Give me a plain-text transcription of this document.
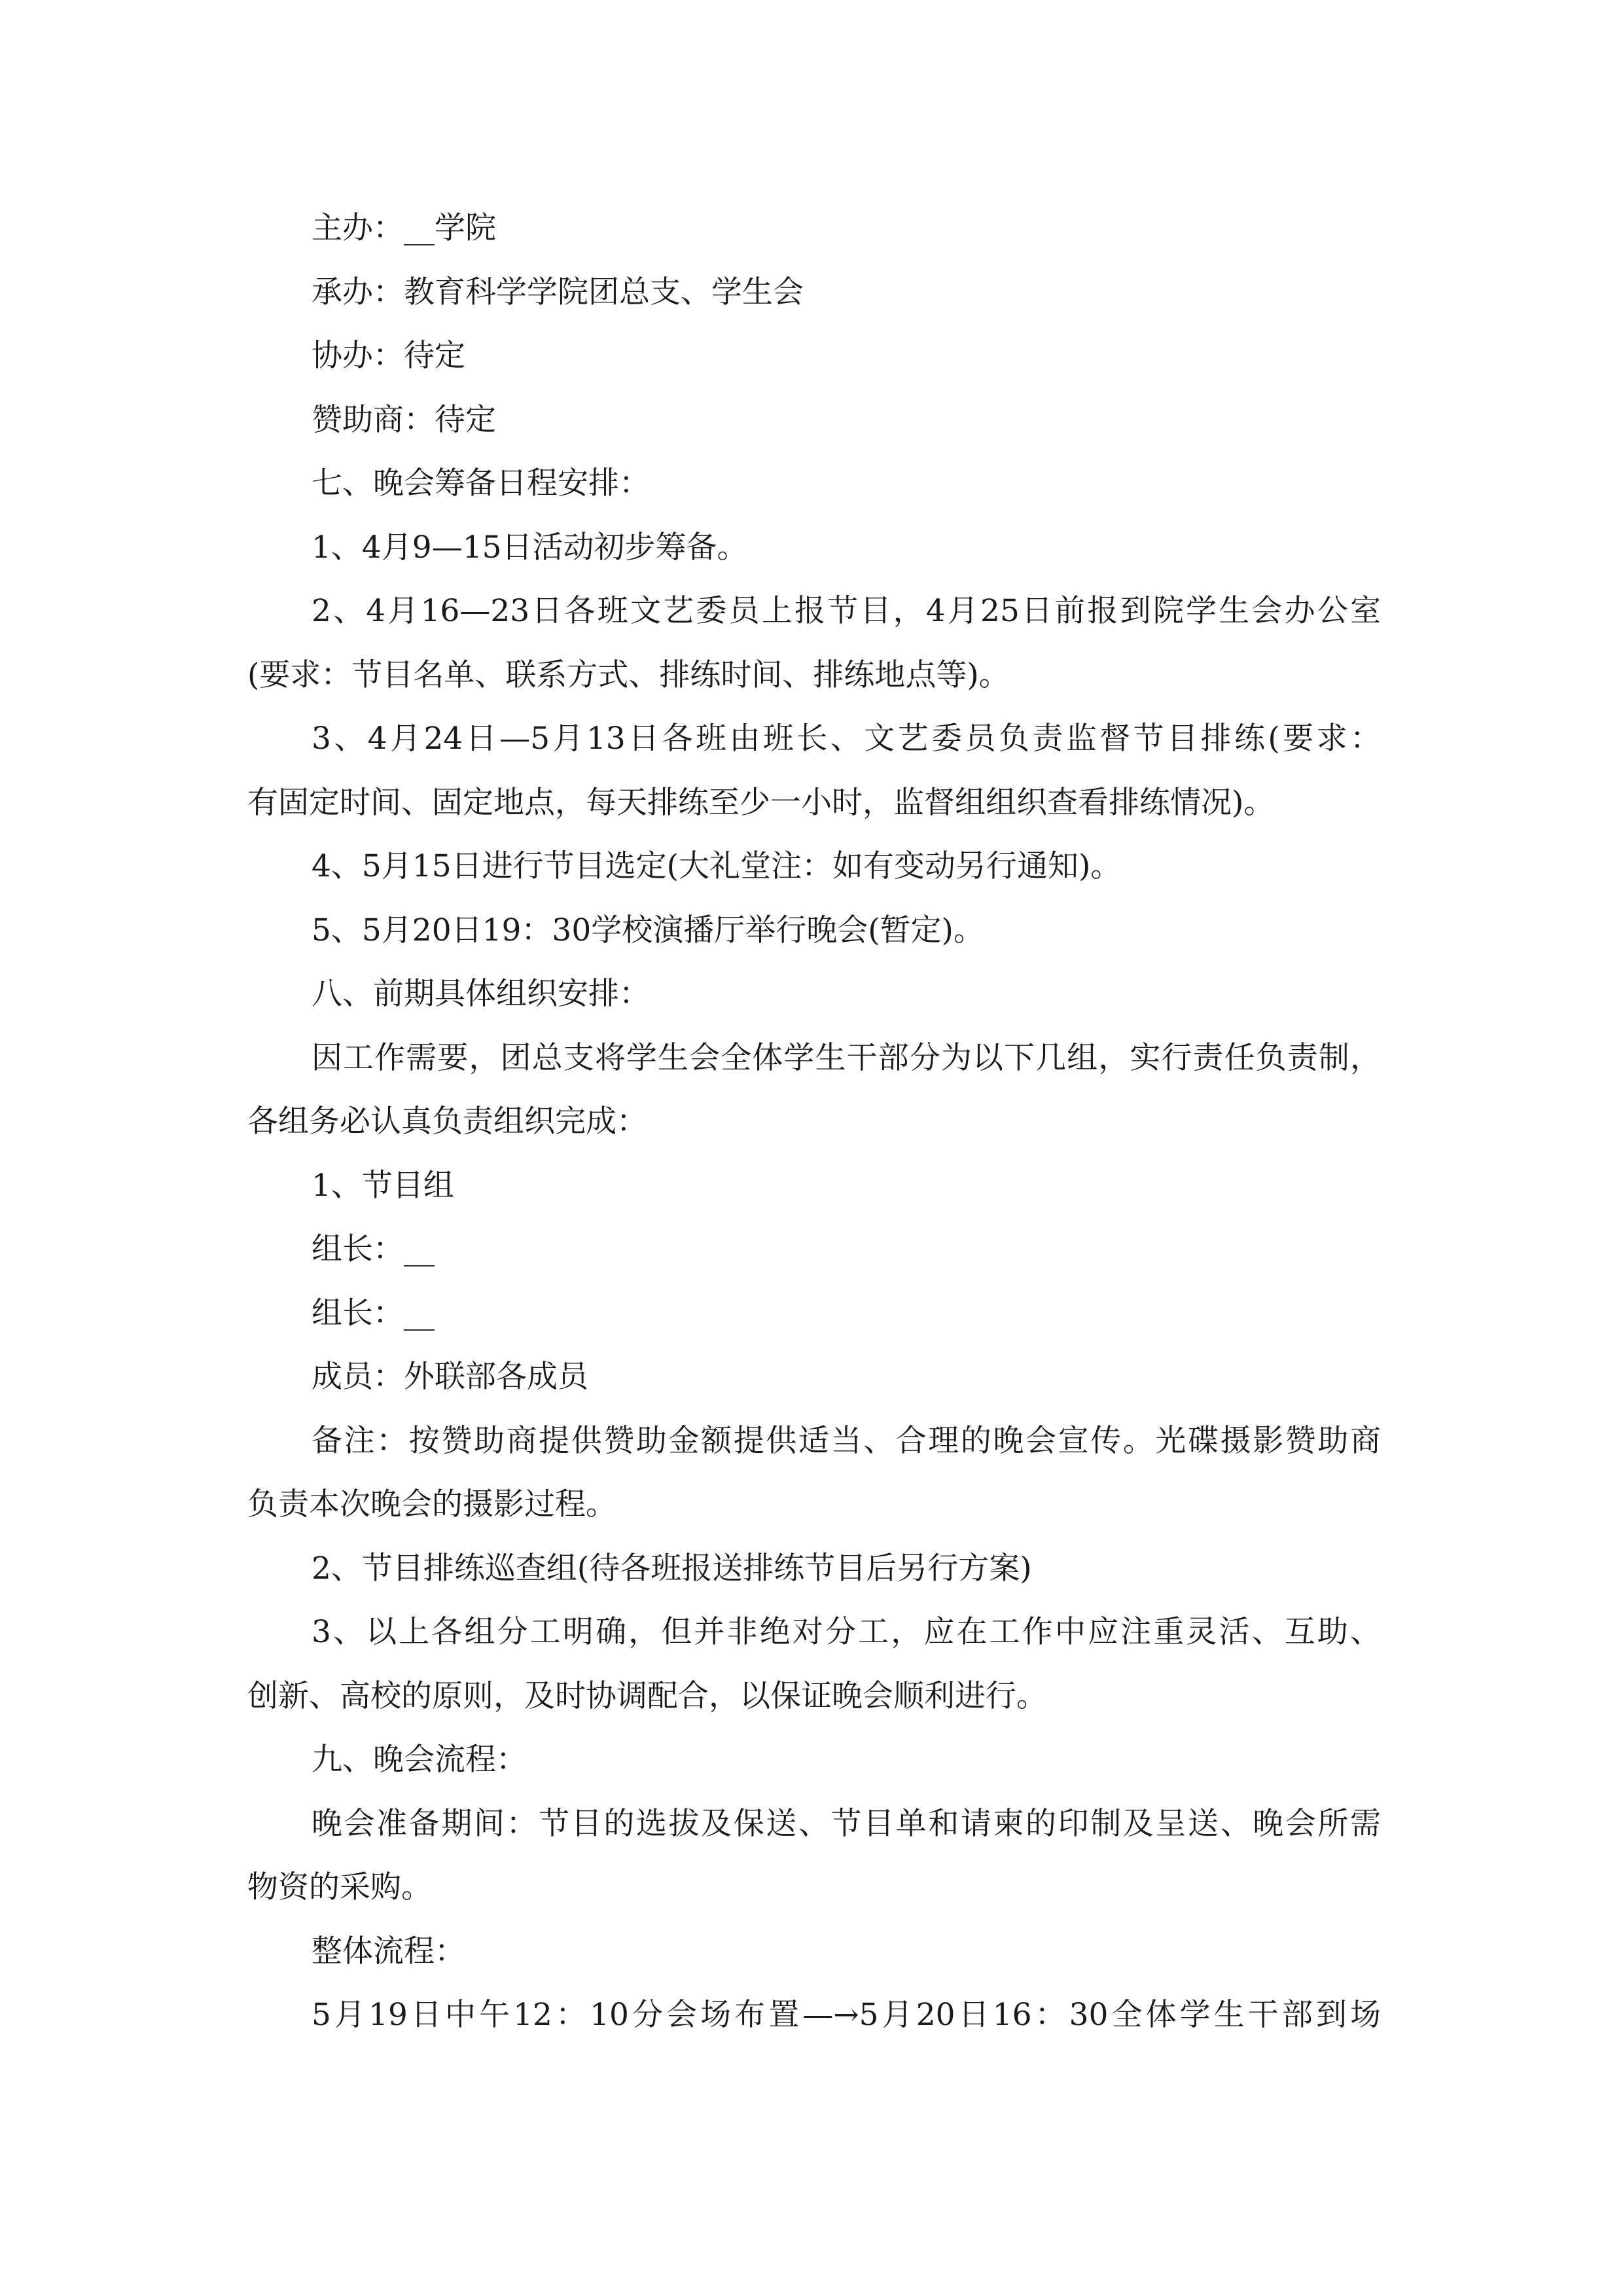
主办：__学院
承办：教育科学学院团总支、学生会
协办：待定
赞助商：待定
七、晚会筹备日程安排：
1、4月9—15日活动初步筹备。
2、4月16—23日各班文艺委员上报节目，4月25日前报到院学生会办公室
(要求：节目名单、联系方式、排练时间、排练地点等)。
3、4月24日—5月13日各班由班长、文艺委员负责监督节目排练(要求：
有固定时间、固定地点，每天排练至少一小时，监督组组织查看排练情况)。
4、5月15日进行节目选定(大礼堂注：如有变动另行通知)。
5、5月20日19：30学校演播厅举行晚会(暂定)。
八、前期具体组织安排：
因工作需要，团总支将学生会全体学生干部分为以下几组，实行责任负责制，
各组务必认真负责组织完成：
1、节目组
组长：__
组长：__
成员：外联部各成员
备注：按赞助商提供赞助金额提供适当、合理的晚会宣传。光碟摄影赞助商
负责本次晚会的摄影过程。
2、节目排练巡查组(待各班报送排练节目后另行方案)
3、以上各组分工明确，但并非绝对分工，应在工作中应注重灵活、互助、
创新、高校的原则，及时协调配合，以保证晚会顺利进行。
九、晚会流程：
晚会准备期间：节目的选拔及保送、节目单和请柬的印制及呈送、晚会所需
物资的采购。
整体流程：
5月19日中午12：10分会场布置—→5月20日16：30全体学生干部到场
